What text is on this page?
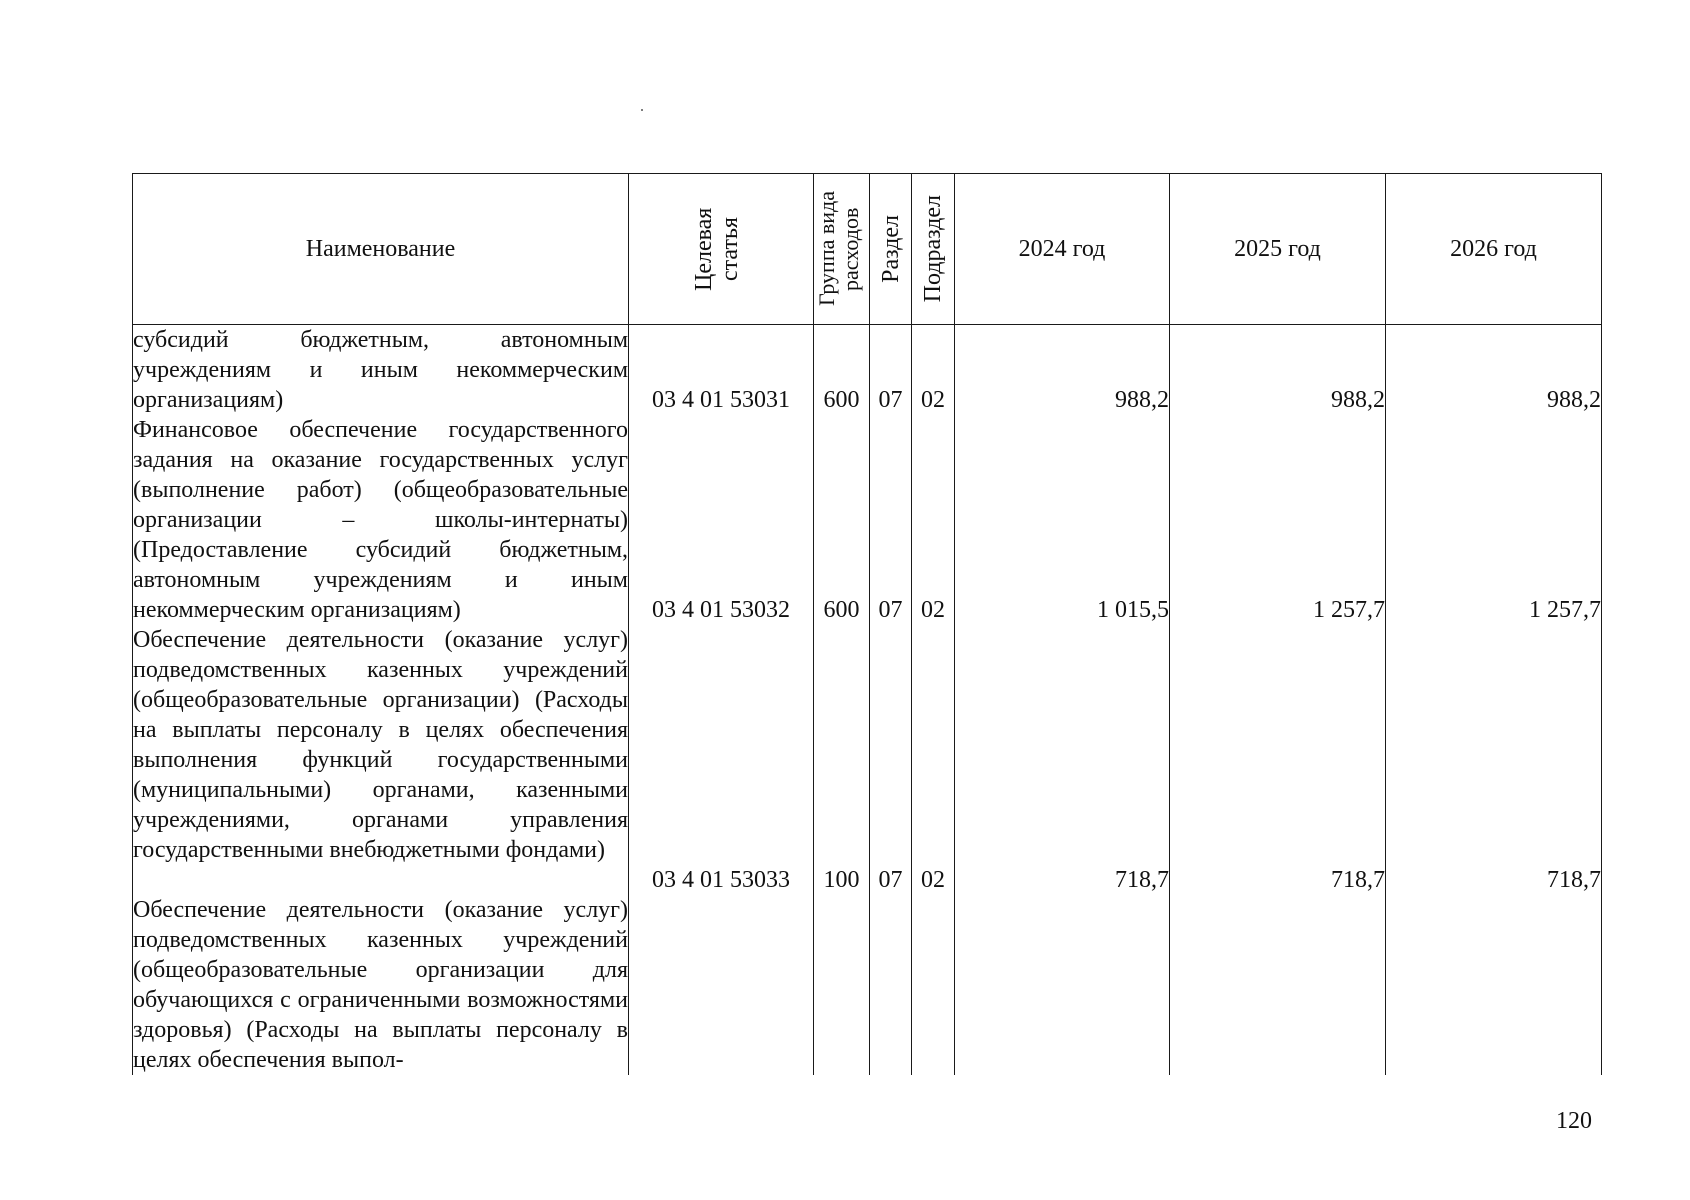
Наименование	Целевая статья	Группа вида расходов	Раздел	Подраздел	2024 год	2025 год	2026 год

субсидий бюджетным, автономным учреждениям и иным некоммерческим организациям)	03 4 01 53031	600	07	02	988,2	988,2	988,2

Финансовое обеспечение государственного задания на оказание государственных услуг (выполнение работ) (общеобразовательные организации – школы-интернаты) (Предоставление субсидий бюджетным, автономным учреждениям и иным некоммерческим организациям)	03 4 01 53032	600	07	02	1 015,5	1 257,7	1 257,7

Обеспечение деятельности (оказание услуг) подведомственных казенных учреждений (общеобразовательные организации) (Расходы на выплаты персоналу в целях обеспечения выполнения функций государственными (муниципальными) органами, казенными учреждениями, органами управления государственными внебюджетными фондами)	03 4 01 53033	100	07	02	718,7	718,7	718,7

Обеспечение деятельности (оказание услуг) подведомственных казенных учреждений (общеобразовательные организации для обучающихся с ограниченными возможностями здоровья) (Расходы на выплаты персоналу в целях обеспечения выпол-							

120
